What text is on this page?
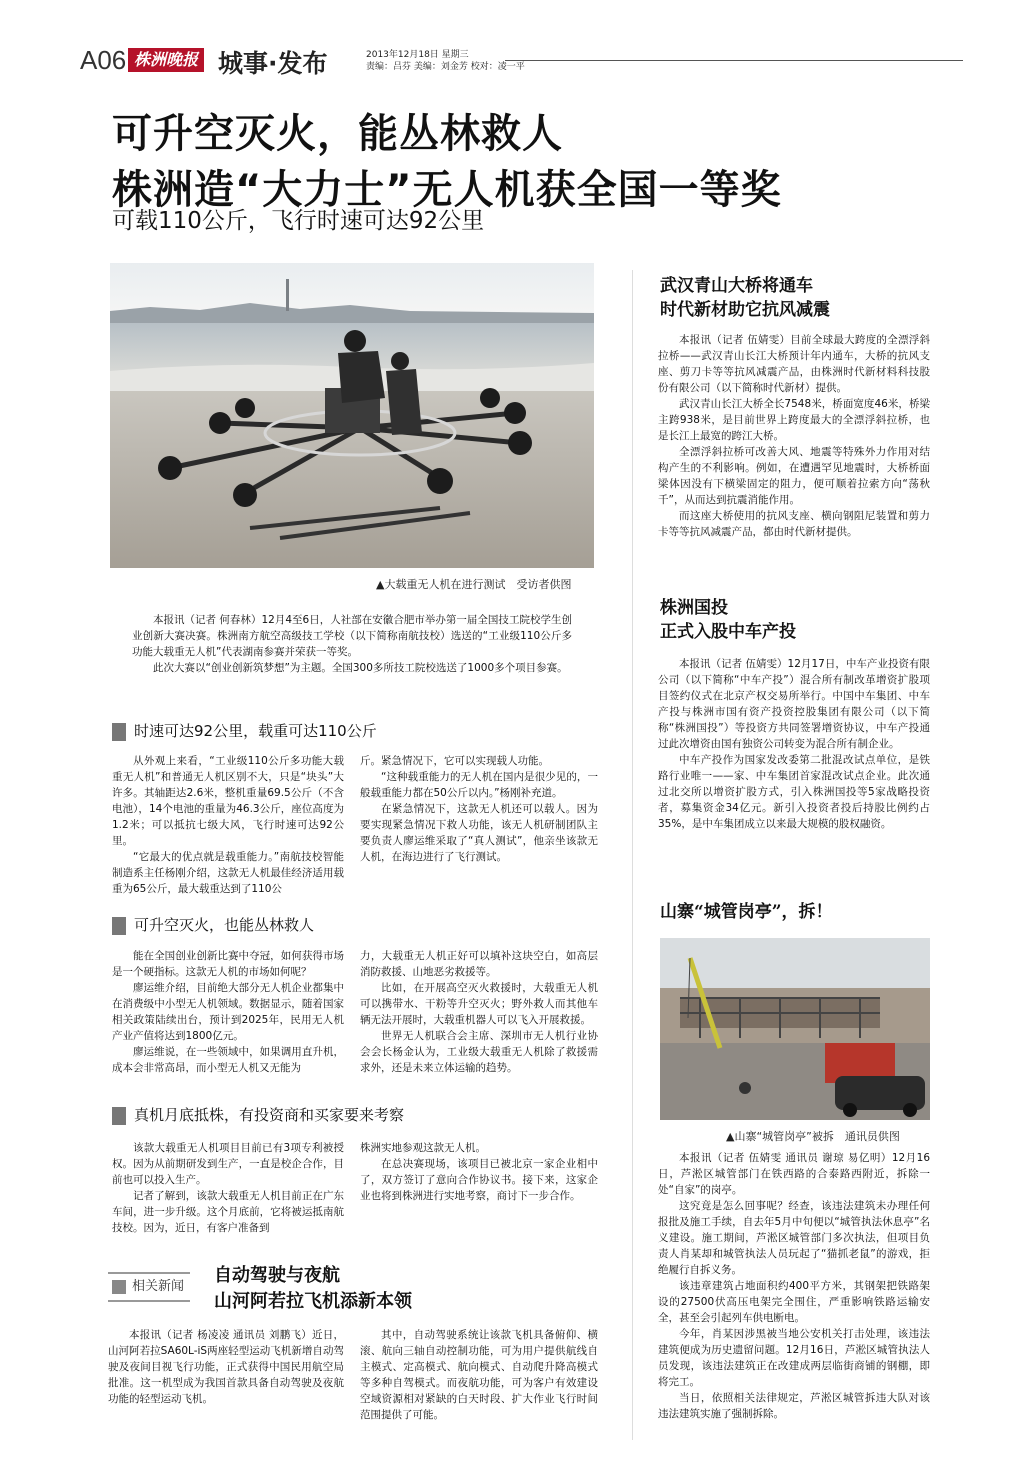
A06 株洲晚报 城事·发布	2013年12月18日 星期三
责编：吕芬 美编：刘金芳 校对：凌一平
可升空灭火，能丛林救人
株洲造“大力士”无人机获全国一等奖
可载110公斤，飞行时速可达92公里
▲大载重无人机在进行测试　受访者供图

本报讯（记者 何春林）12月4至6日，人社部在安徽合肥市举办第一届全国技工院校学生创业创新大赛决赛。株洲南方航空高级技工学校（以下简称南航技校）选送的“工业级110公斤多功能大载重无人机”代表湖南参赛并荣获一等奖。

此次大赛以“创业创新筑梦想”为主题。全国300多所技工院校选送了1000多个项目参赛。

时速可达92公里，载重可达110公斤

从外观上来看，“工业级110公斤多功能大载重无人机”和普通无人机区别不大，只是“块头”大许多。其轴距达2.6米，整机重量69.5公斤（不含电池），14个电池的重量为46.3公斤，座位高度为1.2米；可以抵抗七级大风，飞行时速可达92公里。

“它最大的优点就是载重能力。”南航技校智能制造系主任杨刚介绍，这款无人机最佳经济适用载重为65公斤，最大载重达到了110公

斤。紧急情况下，它可以实现载人功能。

“这种载重能力的无人机在国内是很少见的，一般载重能力都在50公斤以内。”杨刚补充道。

在紧急情况下，这款无人机还可以载人。因为要实现紧急情况下救人功能，该无人机研制团队主要负责人廖运维采取了“真人测试”，他亲坐该款无人机，在海边进行了飞行测试。

可升空灭火，也能丛林救人

能在全国创业创新比赛中夺冠，如何获得市场是一个硬指标。这款无人机的市场如何呢？

廖运维介绍，目前绝大部分无人机企业都集中在消费级中小型无人机领域。数据显示，随着国家相关政策陆续出台，预计到2025年，民用无人机产业产值将达到1800亿元。

廖运维说，在一些领域中，如果调用直升机，成本会非常高昂，而小型无人机又无能为

力，大载重无人机正好可以填补这块空白，如高层消防救援、山地恶劣救援等。

比如，在开展高空灭火救援时，大载重无人机可以携带水、干粉等升空灭火；野外救人而其他车辆无法开展时，大载重机器人可以飞入开展救援。

世界无人机联合会主席、深圳市无人机行业协会会长杨金认为，工业级大载重无人机除了救援需求外，还是未来立体运输的趋势。

真机月底抵株，有投资商和买家要来考察

该款大载重无人机项目目前已有3项专利被授权。因为从前期研发到生产，一直是校企合作，目前也可以投入生产。

记者了解到，该款大载重无人机目前正在广东车间，进一步升级。这个月底前，它将被运抵南航技校。因为，近日，有客户准备到

株洲实地参观这款无人机。

在总决赛现场，该项目已被北京一家企业相中了，双方签订了意向合作协议书。接下来，这家企业也将到株洲进行实地考察，商讨下一步合作。

相关新闻
自动驾驶与夜航
山河阿若拉飞机添新本领

本报讯（记者 杨凌凌 通讯员 刘鹏飞）近日，山河阿若拉SA60L-iS两座轻型运动飞机新增自动驾驶及夜间目视飞行功能，正式获得中国民用航空局批准。这一机型成为我国首款具备自动驾驶及夜航功能的轻型运动飞机。

其中，自动驾驶系统让该款飞机具备俯仰、横滚、航向三轴自动控制功能，可为用户提供航线自主模式、定高模式、航向模式、自动爬升降高模式等多种自驾模式。而夜航功能，可为客户有效建设空域资源相对紧缺的白天时段、扩大作业飞行时间范围提供了可能。

武汉青山大桥将通车
时代新材助它抗风减震

本报讯（记者 伍婧雯）目前全球最大跨度的全漂浮斜拉桥——武汉青山长江大桥预计年内通车，大桥的抗风支座、剪刀卡等等抗风减震产品，由株洲时代新材料科技股份有限公司（以下简称时代新材）提供。

武汉青山长江大桥全长7548米，桥面宽度46米，桥梁主跨938米，是目前世界上跨度最大的全漂浮斜拉桥，也是长江上最宽的跨江大桥。

全漂浮斜拉桥可改善大风、地震等特殊外力作用对结构产生的不利影响。例如，在遭遇罕见地震时，大桥桥面梁体因没有下横梁固定的阻力，便可顺着拉索方向“荡秋千”，从而达到抗震消能作用。

而这座大桥使用的抗风支座、横向钢阻尼装置和剪力卡等等抗风减震产品，都由时代新材提供。

株洲国投
正式入股中车产投

本报讯（记者 伍婧雯）12月17日，中车产业投资有限公司（以下简称“中车产投”）混合所有制改革增资扩股项目签约仪式在北京产权交易所举行。中国中车集团、中车产投与株洲市国有资产投资控股集团有限公司（以下简称“株洲国投”）等投资方共同签署增资协议，中车产投通过此次增资由国有独资公司转变为混合所有制企业。

中车产投作为国家发改委第二批混改试点单位，是铁路行业唯一——家、中车集团首家混改试点企业。此次通过北交所以增资扩股方式，引入株洲国投等5家战略投资者，募集资金34亿元。新引入投资者投后持股比例约占35%，是中车集团成立以来最大规模的股权融资。

山寨“城管岗亭”，拆！
▲山寨“城管岗亭”被拆　通讯员供图

本报讯（记者 伍婧雯 通讯员 谢琼 易亿明）12月16日，芦淞区城管部门在铁西路的合泰路西附近，拆除一处“自家”的岗亭。

这究竟是怎么回事呢？经查，该违法建筑未办理任何报批及施工手续，自去年5月中旬便以“城管执法休息亭”名义建设。施工期间，芦淞区城管部门多次执法，但项目负责人肖某却和城管执法人员玩起了“猫抓老鼠”的游戏，拒绝履行自拆义务。

该违章建筑占地面积约400平方米，其钢架把铁路架设的27500伏高压电架完全围住，严重影响铁路运输安全，甚至会引起列车供电断电。

今年，肖某因涉黑被当地公安机关打击处理，该违法建筑便成为历史遗留问题。12月16日，芦淞区城管执法人员发现，该违法建筑正在改建成两层临街商铺的钢棚，即将完工。

当日，依照相关法律规定，芦淞区城管拆违大队对该违法建筑实施了强制拆除。
